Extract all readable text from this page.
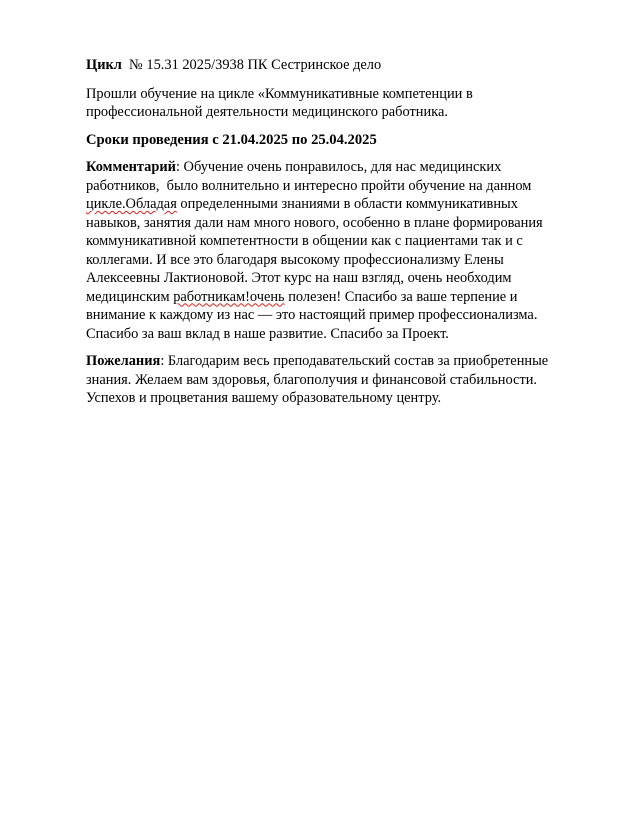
Цикл  № 15.31 2025/3938 ПК Сестринское дело

Прошли обучение на цикле «Коммуникативные компетенции в
профессиональной деятельности медицинского работника.

Сроки проведения с 21.04.2025 по 25.04.2025

Комментарий: Обучение очень понравилось, для нас медицинских
работников,  было волнительно и интересно пройти обучение на данном
цикле.Обладая определенными знаниями в области коммуникативных
навыков, занятия дали нам много нового, особенно в плане формирования
коммуникативной компетентности в общении как с пациентами так и с
коллегами. И все это благодаря высокому профессионализму Елены
Алексеевны Лактионовой. Этот курс на наш взгляд, очень необходим
медицинским работникам!очень полезен! Спасибо за ваше терпение и
внимание к каждому из нас — это настоящий пример профессионализма.
Спасибо за ваш вклад в наше развитие. Спасибо за Проект.

Пожелания: Благодарим весь преподавательский состав за приобретенные
знания. Желаем вам здоровья, благополучия и финансовой стабильности.
Успехов и процветания вашему образовательному центру.
